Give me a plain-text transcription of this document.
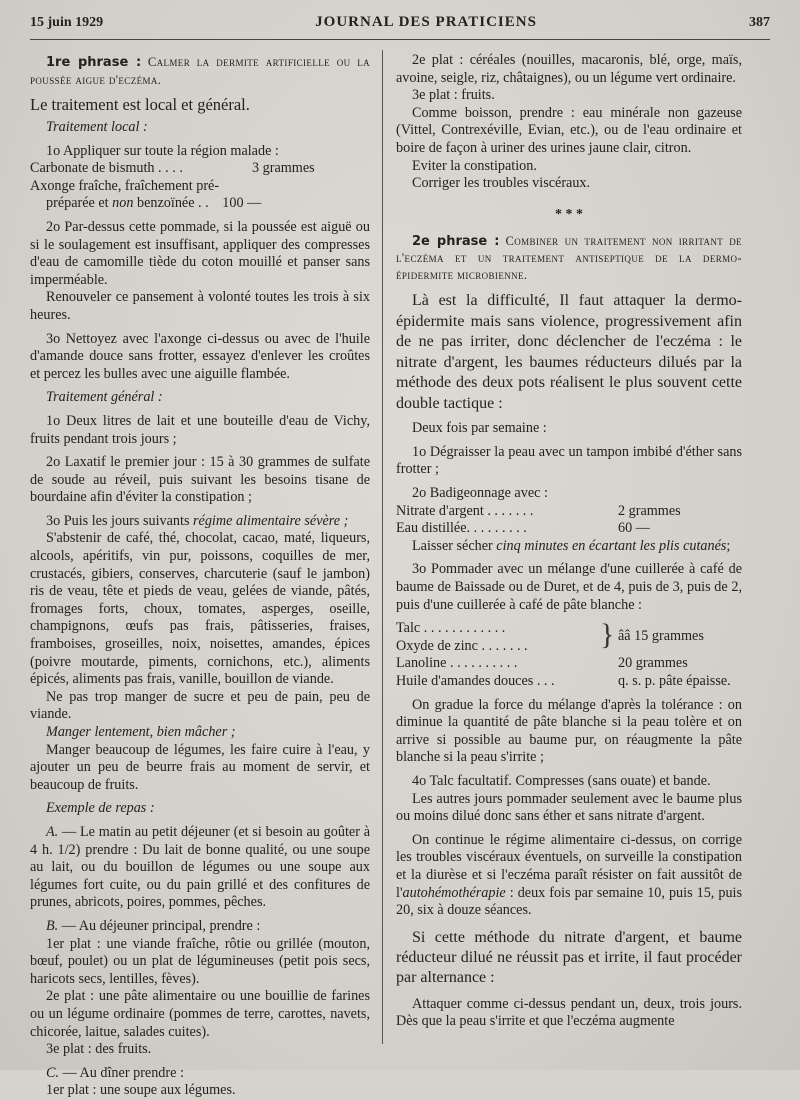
15 juin 1929	JOURNAL DES PRATICIENS	387

1re phrase : Calmer la dermite artificielle ou la poussée aigue d'eczéma.

Le traitement est local et général.

Traitement local :

1o Appliquer sur toute la région malade :

Carbonate de bismuth . . . .	3 grammes

Axonge fraîche, fraîchement pré-

préparée et non benzoïnée . . 100 —

2o Par-dessus cette pommade, si la poussée est aiguë ou si le soulagement est insuffisant, appliquer des compresses d'eau de camomille tiède du coton mouillé et panser sans imperméable.

Renouveler ce pansement à volonté toutes les trois à six heures.

3o Nettoyez avec l'axonge ci-dessus ou avec de l'huile d'amande douce sans frotter, essayez d'enlever les croûtes et percez les bulles avec une aiguille flambée.

Traitement général :

1o Deux litres de lait et une bouteille d'eau de Vichy, fruits pendant trois jours ;

2o Laxatif le premier jour : 15 à 30 grammes de sulfate de soude au réveil, puis suivant les besoins tisane de bourdaine afin d'éviter la constipation ;

3o Puis les jours suivants régime alimentaire sévère ;

S'abstenir de café, thé, chocolat, cacao, maté, liqueurs, alcools, apéritifs, vin pur, poissons, coquilles de mer, crustacés, gibiers, conserves, charcuterie (sauf le jambon) ris de veau, tête et pieds de veau, gelées de viande, pâtés, fromages forts, choux, tomates, asperges, oseille, champignons, œufs pas frais, pâtisseries, fraises, framboises, groseilles, noix, noisettes, amandes, épices (poivre moutarde, piments, cornichons, etc.), aliments épicés, aliments pas frais, vanille, bouillon de viande.

Ne pas trop manger de sucre et peu de pain, peu de viande.

Manger lentement, bien mâcher ;

Manger beaucoup de légumes, les faire cuire à l'eau, y ajouter un peu de beurre frais au moment de servir, et beaucoup de fruits.

Exemple de repas :

A. — Le matin au petit déjeuner (et si besoin au goûter à 4 h. 1/2) prendre : Du lait de bonne qualité, ou une soupe au lait, ou du bouillon de légumes ou une soupe aux légumes fort cuite, ou du pain grillé et des confitures de prunes, abricots, poires, pommes, pêches.

B. — Au déjeuner principal, prendre :

1er plat : une viande fraîche, rôtie ou grillée (mouton, bœuf, poulet) ou un plat de légumineuses (petit pois secs, haricots secs, lentilles, fèves).

2e plat : une pâte alimentaire ou une bouillie de farines ou un légume ordinaire (pommes de terre, carottes, navets, chicorée, laitue, salades cuites).

3e plat : des fruits.

C. — Au dîner prendre :

1er plat : une soupe aux légumes.

2e plat : céréales (nouilles, macaronis, blé, orge, maïs, avoine, seigle, riz, châtaignes), ou un légume vert ordinaire.

3e plat : fruits.

Comme boisson, prendre : eau minérale non gazeuse (Vittel, Contrexéville, Evian, etc.), ou de l'eau ordinaire et boire de façon à uriner des urines jaune clair, citron.

Eviter la constipation.

Corriger les troubles viscéraux.

* * *

2e phrase : Combiner un traitement non irritant de l'eczéma et un traitement antiseptique de la dermo-épidermite microbienne.

Là est la difficulté, Il faut attaquer la dermo-épidermite mais sans violence, progressivement afin de ne pas irriter, donc déclencher de l'eczéma : le nitrate d'argent, les baumes réducteurs dilués par la méthode des deux pots réalisent le plus souvent cette double tactique :

Deux fois par semaine :

1o Dégraisser la peau avec un tampon imbibé d'éther sans frotter ;

2o Badigeonnage avec :

Nitrate d'argent . . . . . . .	2 grammes
Eau distillée. . . . . . . . .	60 —

Laisser sécher cinq minutes en écartant les plis cutanés;

3o Pommader avec un mélange d'une cuillerée à café de baume de Baissade ou de Duret, et de 4, puis de 3, puis de 2, puis d'une cuillerée à café de pâte blanche :

Talc . . . . . . . . . . . .
Oxyde de zinc . . . . . . .	} ââ 15 grammes
Lanoline . . . . . . . . . .	20 grammes
Huile d'amandes douces . . .	q. s. p. pâte épaisse.

On gradue la force du mélange d'après la tolérance : on diminue la quantité de pâte blanche si la peau tolère et on arrive si possible au baume pur, on réaugmente la pâte blanche si la peau s'irrite ;

4o Talc facultatif. Compresses (sans ouate) et bande.

Les autres jours pommader seulement avec le baume plus ou moins dilué donc sans éther et sans nitrate d'argent.

On continue le régime alimentaire ci-dessus, on corrige les troubles viscéraux éventuels, on surveille la constipation et la diurèse et si l'eczéma paraît résister on fait aussitôt de l'autohémothérapie : deux fois par semaine 10, puis 15, puis 20, six à douze séances.

Si cette méthode du nitrate d'argent, et baume réducteur dilué ne réussit pas et irrite, il faut procéder par alternance :

Attaquer comme ci-dessus pendant un, deux, trois jours. Dès que la peau s'irrite et que l'eczéma augmente
